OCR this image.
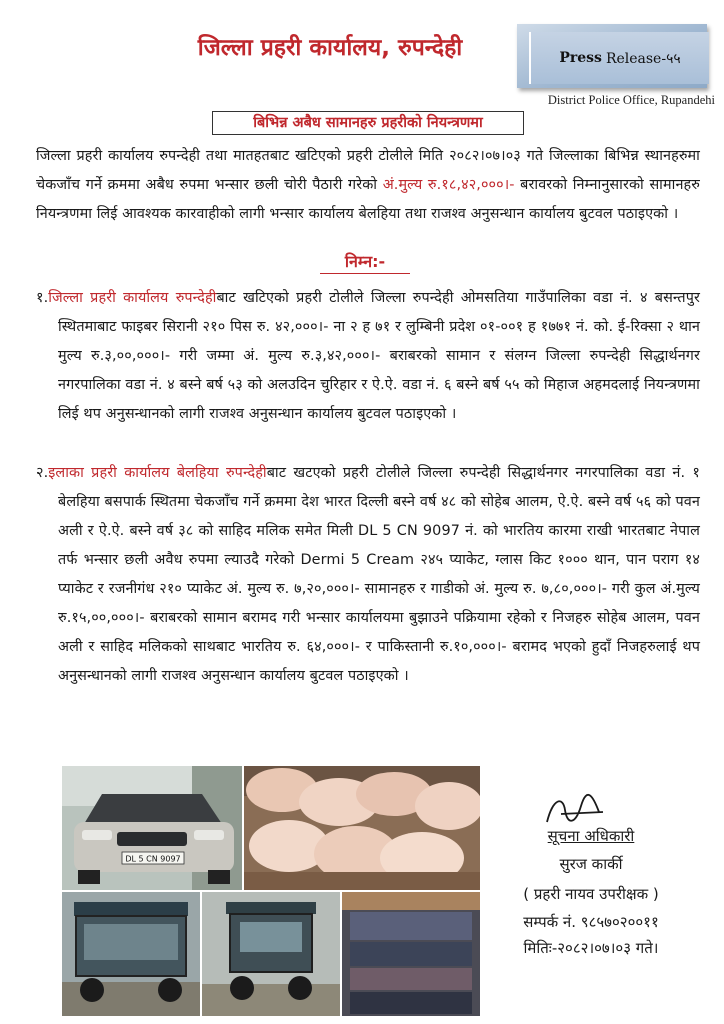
जिल्ला प्रहरी कार्यालय, रुपन्देही	Press Release-५५
District Police Office, Rupandehi
बिभिन्न अबैध सामानहरु प्रहरीको नियन्त्रणमा
जिल्ला प्रहरी कार्यालय रुपन्देही तथा मातहतबाट खटिएको प्रहरी टोलीले मिति २०८२।०७।०३ गते जिल्लाका बिभिन्न स्थानहरुमा चेकजाँच गर्ने क्रममा अबैध रुपमा भन्सार छली चोरी पैठारी गरेको अं.मुल्य रु.१८,४२,०००।- बरावरको निम्नानुसारको सामानहरु नियन्त्रणमा लिई आवश्यक कारवाहीको लागी भन्सार कार्यालय बेलहिया तथा राजश्व अनुसन्धान कार्यालय बुटवल पठाइएको ।
निम्न:-
१.जिल्ला प्रहरी कार्यालय रुपन्देहीबाट खटिएको प्रहरी टोलीले जिल्ला रुपन्देही ओमसतिया गाउँपालिका वडा नं. ४ बसन्तपुर स्थितमाबाट फाइबर सिरानी २१० पिस रु. ४२,०००।- ना २ ह ७१ र लुम्बिनी प्रदेश ०१-००१ ह १७७१ नं. को. ई-रिक्सा २ थान मुल्य रु.३,००,०००।- गरी जम्मा अं. मुल्य रु.३,४२,०००।- बराबरको सामान र संलग्न जिल्ला रुपन्देही सिद्धार्थनगर नगरपालिका वडा नं. ४ बस्ने बर्ष ५३ को अलउदिन चुरिहार र ऐ.ऐ. वडा नं. ६ बस्ने बर्ष ५५ को मिहाज अहमदलाई नियन्त्रणमा लिई थप अनुसन्धानको लागी राजश्व अनुसन्धान कार्यालय बुटवल पठाइएको ।
२.इलाका प्रहरी कार्यालय बेलहिया रुपन्देहीबाट खटएको प्रहरी टोलीले जिल्ला रुपन्देही सिद्धार्थनगर नगरपालिका वडा नं. १ बेलहिया बसपार्क स्थितमा चेकजाँच गर्ने क्रममा देश भारत दिल्ली बस्ने वर्ष ४८ को सोहेब आलम, ऐ.ऐ. बस्ने वर्ष ५६ को पवन अली र ऐ.ऐ. बस्ने वर्ष ३८ को साहिद मलिक समेत मिली DL 5 CN 9097 नं. को भारतिय कारमा राखी भारतबाट नेपाल तर्फ भन्सार छली अवैध रुपमा ल्याउदै गरेको Dermi 5 Cream २४५ प्याकेट, ग्लास किट १००० थान, पान पराग १४ प्याकेट र रजनीगंध २१० प्याकेट अं. मुल्य रु. ७,२०,०००।- सामानहरु र गाडीको अं. मुल्य रु. ७,८०,०००।- गरी कुल अं.मुल्य रु.१५,००,०००।- बराबरको सामान बरामद गरी भन्सार कार्यालयमा बुझाउने पक्रियामा रहेको र निजहरु सोहेब आलम, पवन अली र साहिद मलिकको साथबाट भारतिय रु. ६४,०००।- र पाकिस्तानी रु.१०,०००।- बरामद भएको हुदाँ निजहरुलाई थप अनुसन्धानको लागी राजश्व अनुसन्धान कार्यालय बुटवल पठाइएको ।
DL 5 CN 9097
सूचना अधिकारी
सुरज कार्की
( प्रहरी नायव उपरीक्षक )
सम्पर्क नं. ९८५७०२००११
मितिः-२०८२।०७।०३ गते।
